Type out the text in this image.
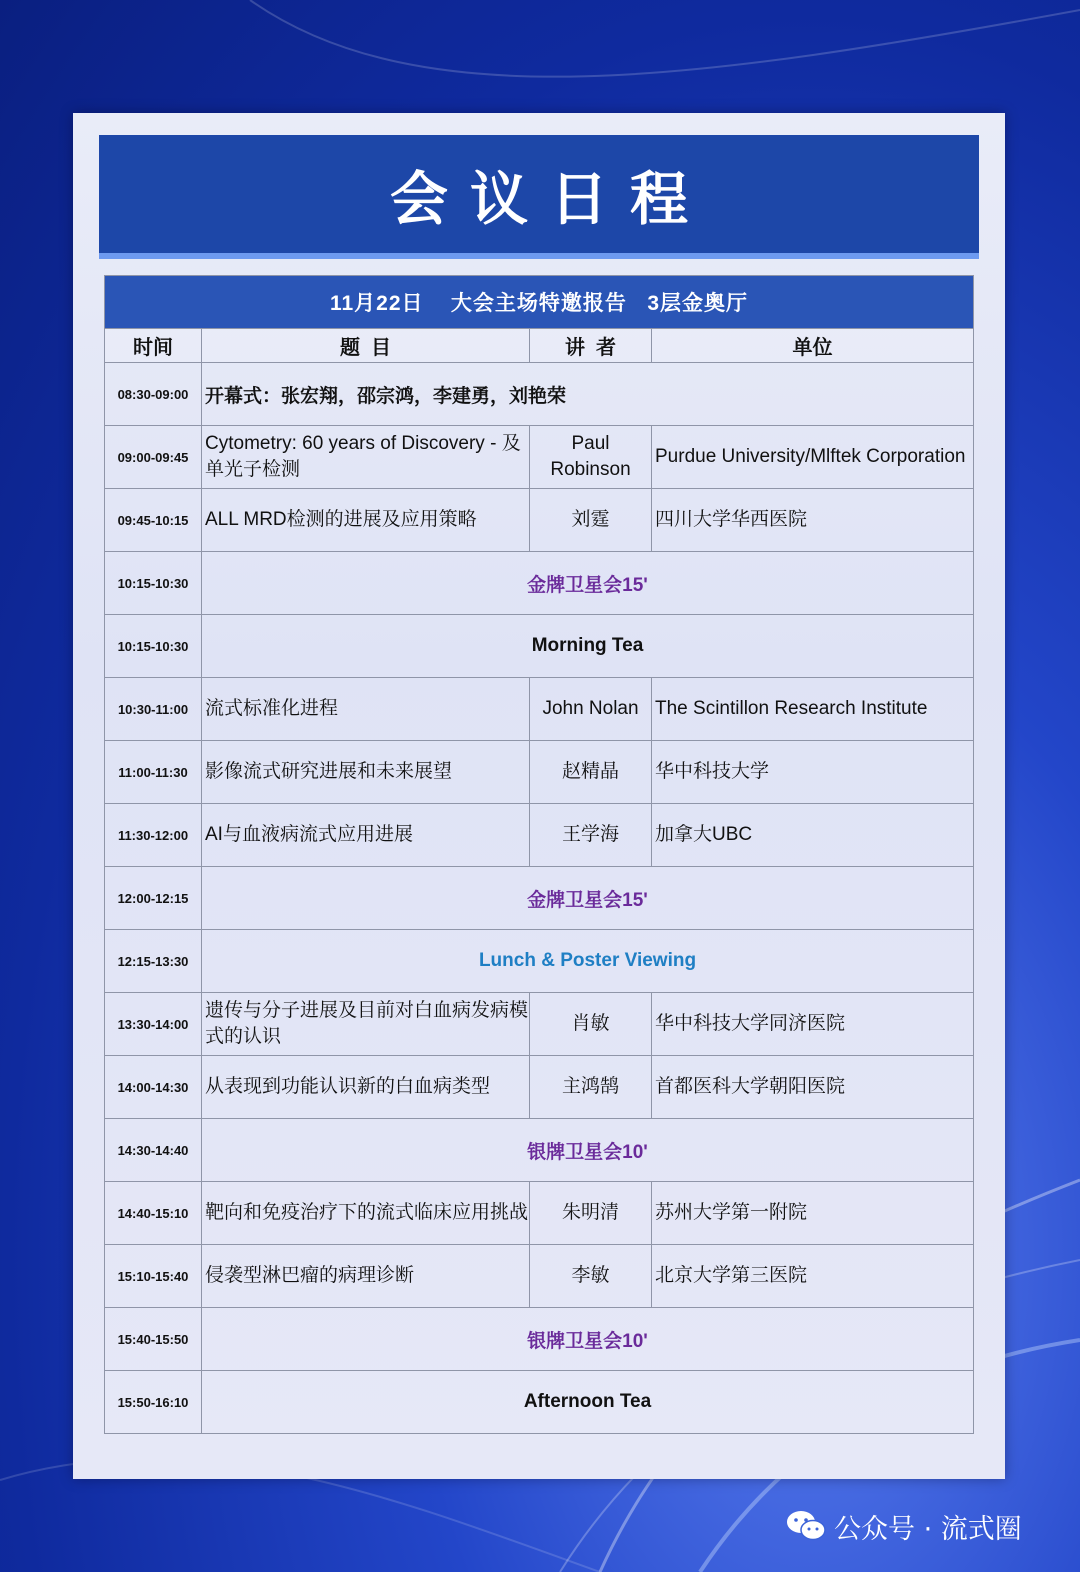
会议日程
11月22日    大会主场特邀报告   3层金奥厅			
时间	题  目	讲  者	单位
08:30-09:00	开幕式：张宏翔，邵宗鸿，李建勇，刘艳荣		
09:00-09:45	Cytometry: 60 years of Discovery - 及单光子检测	Paul Robinson	Purdue University/Mlftek Corporation
09:45-10:15	ALL MRD检测的进展及应用策略	刘霆	四川大学华西医院
10:15-10:30	金牌卫星会15'		
10:15-10:30	Morning Tea		
10:30-11:00	流式标准化进程	John Nolan	The Scintillon Research Institute
11:00-11:30	影像流式研究进展和未来展望	赵精晶	华中科技大学
11:30-12:00	AI与血液病流式应用进展	王学海	加拿大UBC
12:00-12:15	金牌卫星会15'		
12:15-13:30	Lunch & Poster Viewing		
13:30-14:00	遗传与分子进展及目前对白血病发病模式的认识	肖敏	华中科技大学同济医院
14:00-14:30	从表现到功能认识新的白血病类型	主鸿鹄	首都医科大学朝阳医院
14:30-14:40	银牌卫星会10'		
14:40-15:10	靶向和免疫治疗下的流式临床应用挑战	朱明清	苏州大学第一附院
15:10-15:40	侵袭型淋巴瘤的病理诊断	李敏	北京大学第三医院
15:40-15:50	银牌卫星会10'		
15:50-16:10	Afternoon Tea		
公众号 · 流式圈
